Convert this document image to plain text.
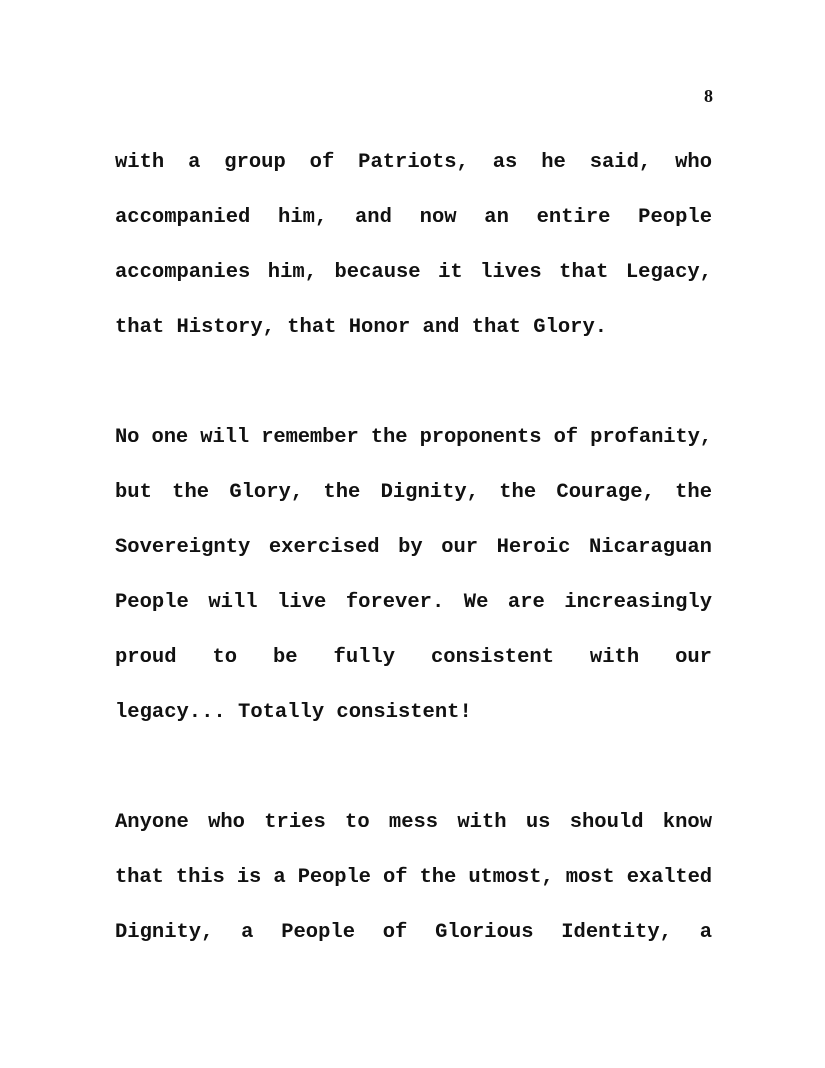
8
with a group of Patriots, as he said, who
accompanied him, and now an entire People
accompanies him, because it lives that Legacy,
that History, that Honor and that Glory.
No one will remember the proponents of profanity,
but the Glory, the Dignity, the Courage, the
Sovereignty exercised by our Heroic Nicaraguan
People will live forever. We are increasingly
proud to be fully consistent with our
legacy... Totally consistent!
Anyone who tries to mess with us should know
that this is a People of the utmost, most exalted
Dignity, a People of Glorious Identity, a
